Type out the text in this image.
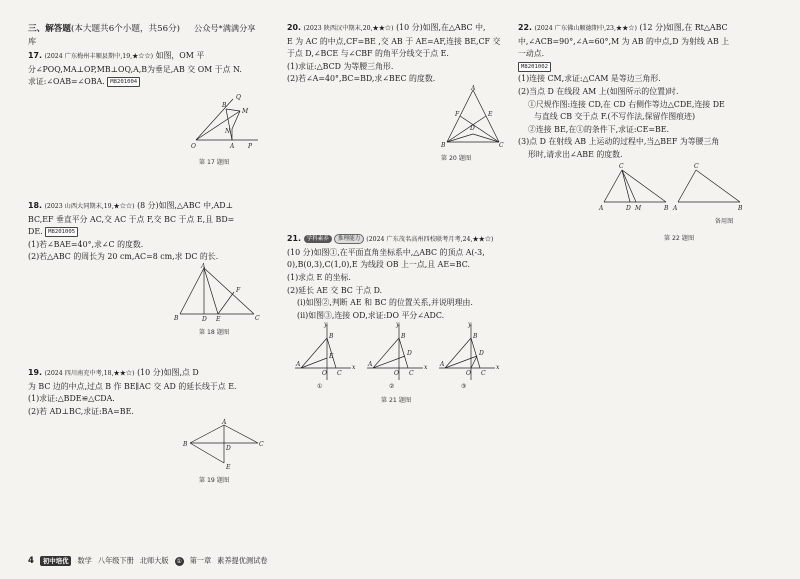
三、解答题(本大题共6个小题，共56分) 公众号*满满分享库

17. (2024 广东梅州丰顺县期中,19,★☆☆) 如图，OM 平

分∠POQ,MA⊥OP,MB⊥OQ,A,B为垂足,AB 交 OM 于点 N.

求证:∠OAB=∠OBA. M8201004

O	A P
B
Q
M
N
第 17 题图

18. (2023 山西大同期末,19,★☆☆) (8 分)如图,△ABC 中,AD⊥

BC,EF 垂直平分 AC,交 AC 于点 F,交 BC 于点 E,且 BD=

DE. M8201005

(1)若∠BAE=40°,求∠C 的度数.

(2)若△ABC 的周长为 20 cm,AC=8 cm,求 DC 的长.

A
B	D E	C
F
第 18 题图

19. (2024 四川南充中考,18,★★☆) (10 分)如图,点 D

为 BC 边的中点,过点 B 作 BE∥AC 交 AD 的延长线于点 E.

(1)求证:△BDE≌△CDA.

(2)若 AD⊥BC,求证:BA=BE.

A
B	C
D
E
第 19 题图

20. (2023 陕西汉中期末,20,★★☆) (10 分)如图,在△ABC 中,

E 为 AC 的中点,CF=BE ,交 AB 于 AE=AF,连接 BE,CF 交

于点 D,∠BCE 与∠CBF 的角平分线交于点 E.

(1)求证:△BCD 为等腰三角形.

(2)若∠A=40°,BC=BD,求∠BEC 的度数.

A
B	C
F	E
D
第 20 题图

21. 学科素养 推理能力 (2024 广东茂名高州四校联考月考,24,★★☆)

(10 分)如图①,在平面直角坐标系中,△ABC 的顶点 A(-3,

0),B(0,3),C(1,0),E 为线段 OB 上一点,且 AE=BC.

(1)求点 E 的坐标.

(2)延长 AE 交 BC 于点 D.

(i)如图②,判断 AE 和 BC 的位置关系,并说明理由.

(ii)如图③,连接 OD,求证:DO 平分∠ADC.

y
x
A
B
O C
E
y
x
A
B
O C
D
y
x
A
B
O C
D
①	②	③
第 21 题图

22. (2024 广东佛山顺德期中,23,★★☆) (12 分)如图,在 Rt△ABC

中,∠ACB=90°,∠A=60°,M 为 AB 的中点,D 为射线 AB 上

一动点.

M8201002

(1)连接 CM,求证:△CAM 是等边三角形.

(2)当点 D 在线段 AM 上(如图所示的位置)时.

①尺规作图:连接 CD,在 CD 右侧作等边△CDE,连接 DE

与直线 CB 交于点 F.(不写作法,保留作图痕迹)

②连接 BE,在①的条件下,求证:CE=BE.

(3)点 D 在射线 AB 上运动的过程中,当△BEF 为等腰三角

形时,请求出∠ABE 的度数.

C
A	D M	B
C
A	B
备用图
第 22 题图
4	初中培优	数学 八年级下册 北师大版 ① 第一章 素养提优测试卷
